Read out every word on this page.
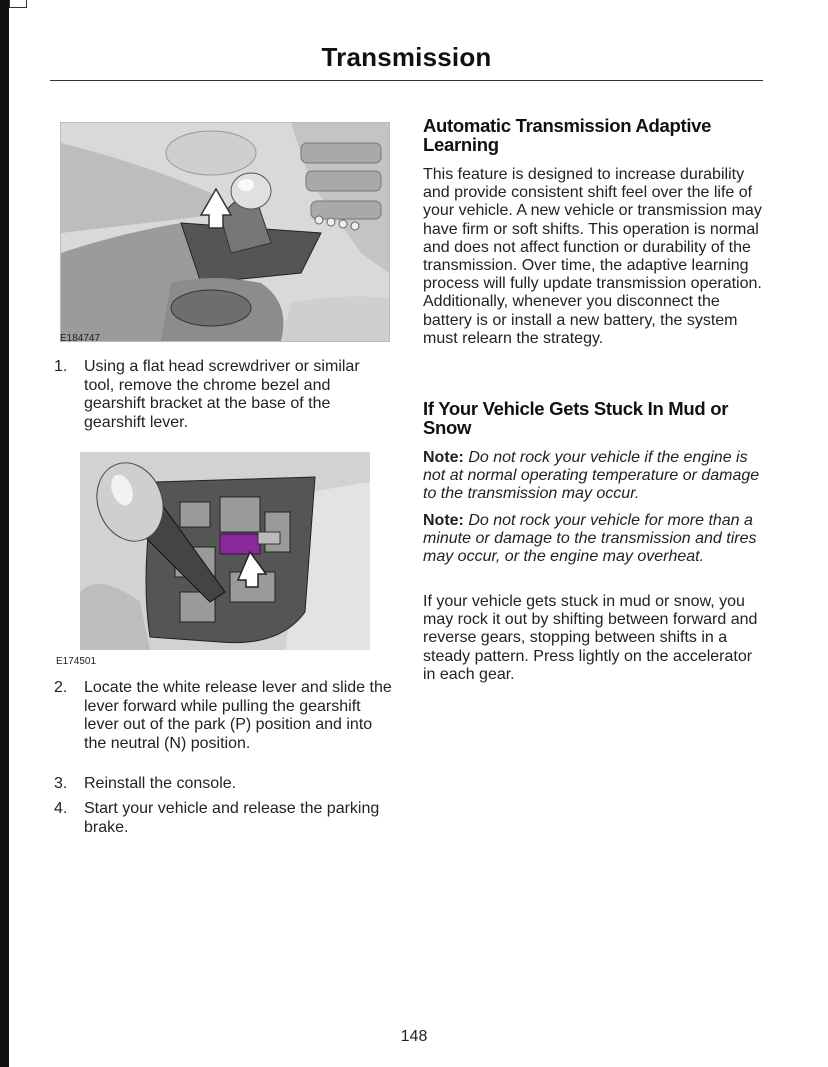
Transmission
E184747
1. Using a flat head screwdriver or similar tool, remove the chrome bezel and gearshift bracket at the base of the gearshift lever.
E174501
2. Locate the white release lever and slide the lever forward while pulling the gearshift lever out of the park (P) position and into the neutral (N) position.
3. Reinstall the console.
4. Start your vehicle and release the parking brake.
Automatic Transmission Adaptive Learning
This feature is designed to increase durability and provide consistent shift feel over the life of your vehicle. A new vehicle or transmission may have firm or soft shifts. This operation is normal and does not affect function or durability of the transmission. Over time, the adaptive learning process will fully update transmission operation. Additionally, whenever you disconnect the battery is or install a new battery, the system must relearn the strategy.
If Your Vehicle Gets Stuck In Mud or Snow
Note: Do not rock your vehicle if the engine is not at normal operating temperature or damage to the transmission may occur.
Note: Do not rock your vehicle for more than a minute or damage to the transmission and tires may occur, or the engine may overheat.
If your vehicle gets stuck in mud or snow, you may rock it out by shifting between forward and reverse gears, stopping between shifts in a steady pattern. Press lightly on the accelerator in each gear.
148
